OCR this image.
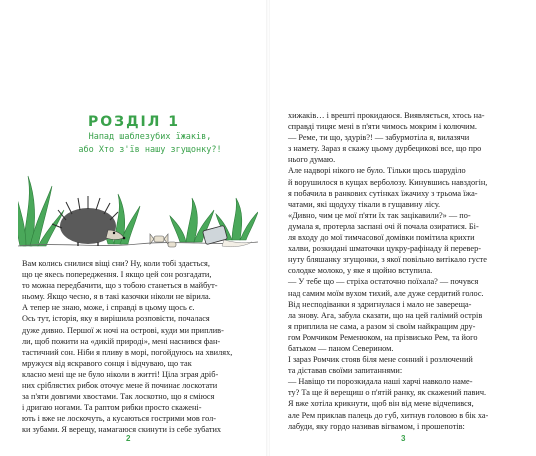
РОЗДІЛ 1
Напад шаблезубих їжаків,
або Хто з'їв нашу згущонку?!

Вам колись снилися віщі сни? Ну, коли тобі здається,

що це якесь попередження. І якщо цей сон розгадати,

то можна передбачити, що з тобою станеться в майбут-

ньому. Якщо чесно, я в такі казочки ніколи не вірила.

А тепер не знаю, може, і справді в цьому щось є.

Ось тут, історія, яку я вирішила розповісти, почалася

дуже дивно. Першої ж ночі на острові, куди ми приплив-

ли, щоб пожити на «дикій природі», мені наснився фан-

тастичний сон. Ніби я пливу в морі, погойдуюсь на хвилях,

мружуся від яскравого сонця і відчуваю, що так

класно мені ще не було ніколи в житті! Ціла зграя дріб-

них сріблястих рибок оточує мене й починає лоскотати

за п'яти довгими хвостами. Так лоскотно, що я сміюся

і дригаю ногами. Та раптом рибки просто скажені-

ють і вже не лоскочуть, а кусаються гострими мов гол-

ки зубами. Я верещу, намагаюся скинути із себе зубатих

2

хижаків… і врешті прокидаюся. Виявляється, хтось на-

справді тицяє мені в п'яти чимось мокрим і колючим.

— Реме, ти що, здурів?! — забурмотіла я, вилазячи

з намету. Зараз я скажу цьому дурбецикові все, що про

нього думаю.

Але надворі нікого не було. Тільки щось шаруділо

й ворушилося в кущах верболозу. Кинувшись навздогін,

я побачила в ранкових сутінках їжачиху з трьома їжа-

чатами, які щодуху тікали в гущавину лісу.

«Дивно, чим це мої п'яти їх так зацікавили?» — по-

думала я, протерла заспані очі й почала озиратися. Бі-

ля входу до мої тимчасової домівки помітила крихти

халви, розкидані шматочки цукру-рафінаду й перевер-

нуту бляшанку згущонки, з якої повільно витікало густе

солодке молоко, у яке я щойно вступила.

— У тебе що — стріха остаточно поїхала? — почувся

над самим моїм вухом тихий, але дуже сердитий голос.

Від несподіванки я здригнулася і мало не завереща-

ла знову. Ага, забула сказати, що на цей галімий острів

я приплила не сама, а разом зі своїм найкращим дру-

гом Ромчиком Ременюком, на прізвисько Рем, та його

батьком — паном Северином.

І зараз Ромчик стояв біля мене сонний і розлючений

та діставав своїми запитаннями:

— Навіщо ти порозкидала наші харчі навколо наме-

ту? Та ще й верещиш о п'ятій ранку, як скажений павич.

Я вже хотіла крикнути, щоб він від мене відчепився,

але Рем приклав палець до губ, хитнув головою в бік ха-

лабуди, яку гордо називав вігвамом, і прошепотів:

3
